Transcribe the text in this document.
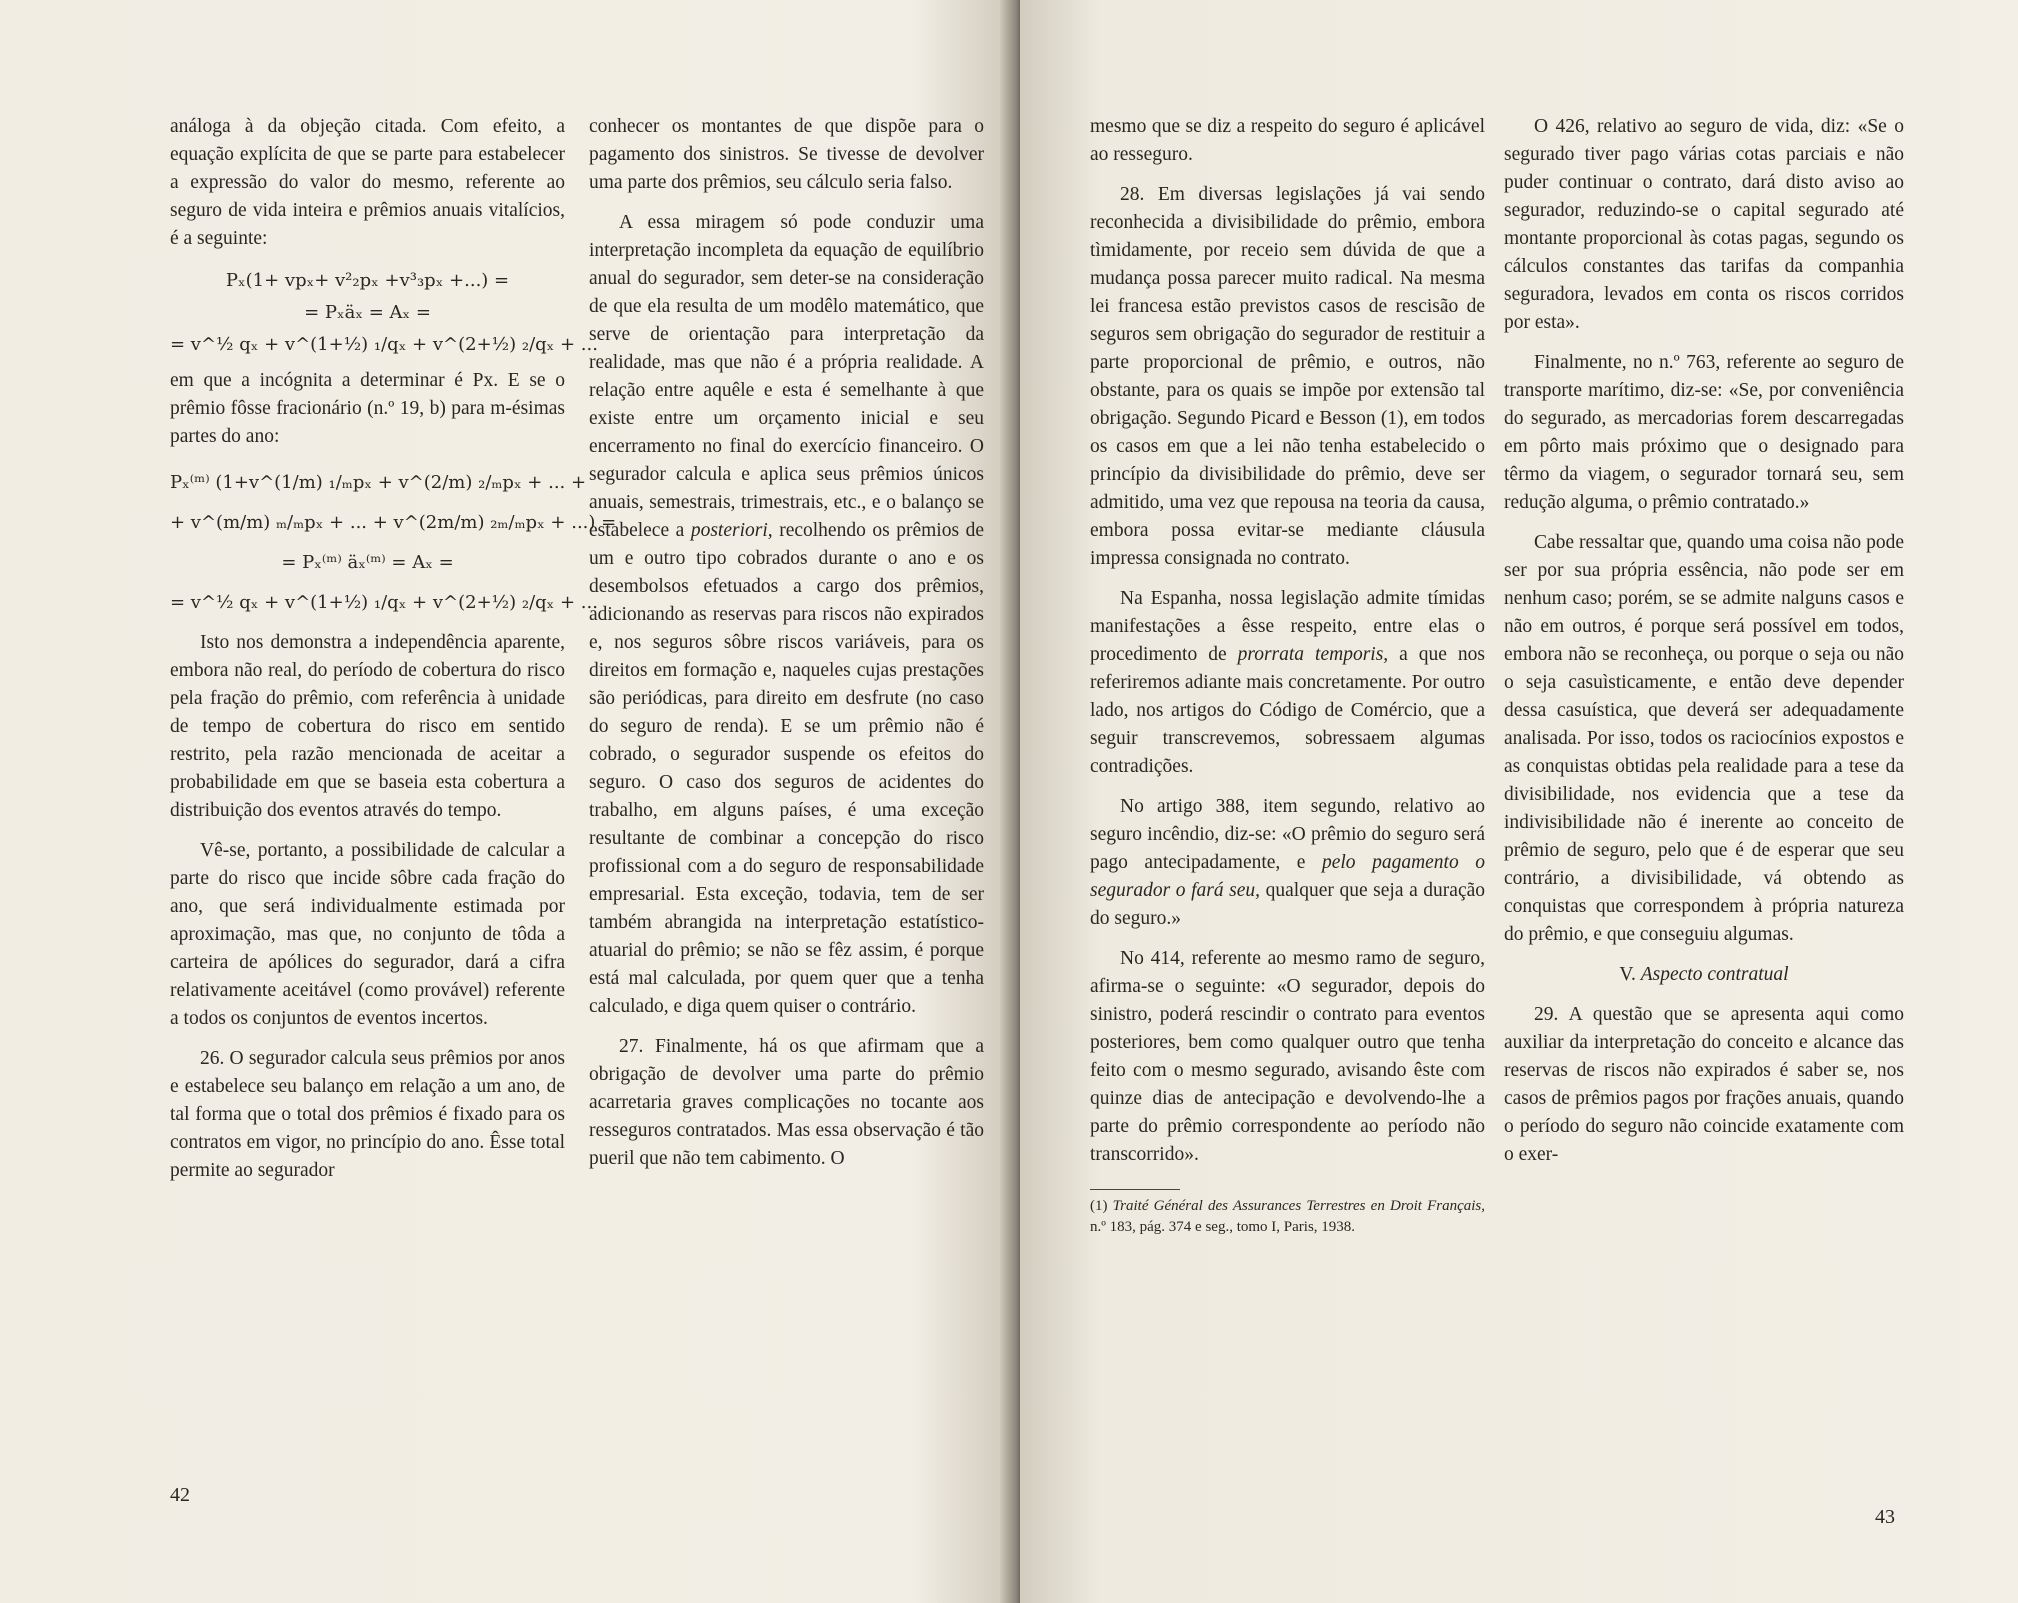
análoga à da objeção citada. Com efeito, a equação explícita de que se parte para estabelecer a expressão do valor do mesmo, referente ao seguro de vida inteira e prêmios anuais vitalícios, é a seguinte:

Pₓ(1+ vpₓ+ v²₂pₓ +v³₃pₓ +...) =
= Pₓäₓ = Aₓ =
= v^½ qₓ + v^(1+½) ₁/qₓ + v^(2+½) ₂/qₓ + ...

em que a incógnita a determinar é Px. E se o prêmio fôsse fracionário (n.º 19, b) para m-ésimas partes do ano:

Pₓ⁽ᵐ⁾ (1+v^(1/m) ₁/ₘpₓ + v^(2/m) ₂/ₘpₓ + ... +
+ v^(m/m) ₘ/ₘpₓ + ... + v^(2m/m) ₂ₘ/ₘpₓ + ...) =
= Pₓ⁽ᵐ⁾ äₓ⁽ᵐ⁾ = Aₓ =
= v^½ qₓ + v^(1+½) ₁/qₓ + v^(2+½) ₂/qₓ + ...

Isto nos demonstra a independência aparente, embora não real, do período de cobertura do risco pela fração do prêmio, com referência à unidade de tempo de cobertura do risco em sentido restrito, pela razão mencionada de aceitar a probabilidade em que se baseia esta cobertura a distribuição dos eventos através do tempo.

Vê-se, portanto, a possibilidade de calcular a parte do risco que incide sôbre cada fração do ano, que será individualmente estimada por aproximação, mas que, no conjunto de tôda a carteira de apólices do segurador, dará a cifra relativamente aceitável (como provável) referente a todos os conjuntos de eventos incertos.

26. O segurador calcula seus prêmios por anos e estabelece seu balanço em relação a um ano, de tal forma que o total dos prêmios é fixado para os contratos em vigor, no princípio do ano. Êsse total permite ao segurador

conhecer os montantes de que dispõe para o pagamento dos sinistros. Se tivesse de devolver uma parte dos prêmios, seu cálculo seria falso.

A essa miragem só pode conduzir uma interpretação incompleta da equação de equilíbrio anual do segurador, sem deter-se na consideração de que ela resulta de um modêlo matemático, que serve de orientação para interpretação da realidade, mas que não é a própria realidade. A relação entre aquêle e esta é semelhante à que existe entre um orçamento inicial e seu encerramento no final do exercício financeiro. O segurador calcula e aplica seus prêmios únicos anuais, semestrais, trimestrais, etc., e o balanço se estabelece a posteriori, recolhendo os prêmios de um e outro tipo cobrados durante o ano e os desembolsos efetuados a cargo dos prêmios, adicionando as reservas para riscos não expirados e, nos seguros sôbre riscos variáveis, para os direitos em formação e, naqueles cujas prestações são periódicas, para direito em desfrute (no caso do seguro de renda). E se um prêmio não é cobrado, o segurador suspende os efeitos do seguro. O caso dos seguros de acidentes do trabalho, em alguns países, é uma exceção resultante de combinar a concepção do risco profissional com a do seguro de responsabilidade empresarial. Esta exceção, todavia, tem de ser também abrangida na interpretação estatístico-atuarial do prêmio; se não se fêz assim, é porque está mal calculada, por quem quer que a tenha calculado, e diga quem quiser o contrário.

27. Finalmente, há os que afirmam que a obrigação de devolver uma parte do prêmio acarretaria graves complicações no tocante aos resseguros contratados. Mas essa observação é tão pueril que não tem cabimento. O

42

mesmo que se diz a respeito do seguro é aplicável ao resseguro.

28. Em diversas legislações já vai sendo reconhecida a divisibilidade do prêmio, embora tìmidamente, por receio sem dúvida de que a mudança possa parecer muito radical. Na mesma lei francesa estão previstos casos de rescisão de seguros sem obrigação do segurador de restituir a parte proporcional de prêmio, e outros, não obstante, para os quais se impõe por extensão tal obrigação. Segundo Picard e Besson (1), em todos os casos em que a lei não tenha estabelecido o princípio da divisibilidade do prêmio, deve ser admitido, uma vez que repousa na teoria da causa, embora possa evitar-se mediante cláusula impressa consignada no contrato.

Na Espanha, nossa legislação admite tímidas manifestações a êsse respeito, entre elas o procedimento de prorrata temporis, a que nos referiremos adiante mais concretamente. Por outro lado, nos artigos do Código de Comércio, que a seguir transcrevemos, sobressaem algumas contradições.

No artigo 388, item segundo, relativo ao seguro incêndio, diz-se: «O prêmio do seguro será pago antecipadamente, e pelo pagamento o segurador o fará seu, qualquer que seja a duração do seguro.»

No 414, referente ao mesmo ramo de seguro, afirma-se o seguinte: «O segurador, depois do sinistro, poderá rescindir o contrato para eventos posteriores, bem como qualquer outro que tenha feito com o mesmo segurado, avisando êste com quinze dias de antecipação e devolvendo-lhe a parte do prêmio correspondente ao período não transcorrido».

(1) Traité Général des Assurances Terrestres en Droit Français, n.º 183, pág. 374 e seg., tomo I, Paris, 1938.

O 426, relativo ao seguro de vida, diz: «Se o segurado tiver pago várias cotas parciais e não puder continuar o contrato, dará disto aviso ao segurador, reduzindo-se o capital segurado até montante proporcional às cotas pagas, segundo os cálculos constantes das tarifas da companhia seguradora, levados em conta os riscos corridos por esta».

Finalmente, no n.º 763, referente ao seguro de transporte marítimo, diz-se: «Se, por conveniência do segurado, as mercadorias forem descarregadas em pôrto mais próximo que o designado para têrmo da viagem, o segurador tornará seu, sem redução alguma, o prêmio contratado.»

Cabe ressaltar que, quando uma coisa não pode ser por sua própria essência, não pode ser em nenhum caso; porém, se se admite nalguns casos e não em outros, é porque será possível em todos, embora não se reconheça, ou porque o seja ou não o seja casuìsticamente, e então deve depender dessa casuística, que deverá ser adequadamente analisada. Por isso, todos os raciocínios expostos e as conquistas obtidas pela realidade para a tese da divisibilidade, nos evidencia que a tese da indivisibilidade não é inerente ao conceito de prêmio de seguro, pelo que é de esperar que seu contrário, a divisibilidade, vá obtendo as conquistas que correspondem à própria natureza do prêmio, e que conseguiu algumas.

V. Aspecto contratual

29. A questão que se apresenta aqui como auxiliar da interpretação do conceito e alcance das reservas de riscos não expirados é saber se, nos casos de prêmios pagos por frações anuais, quando o período do seguro não coincide exatamente com o exer-

43
